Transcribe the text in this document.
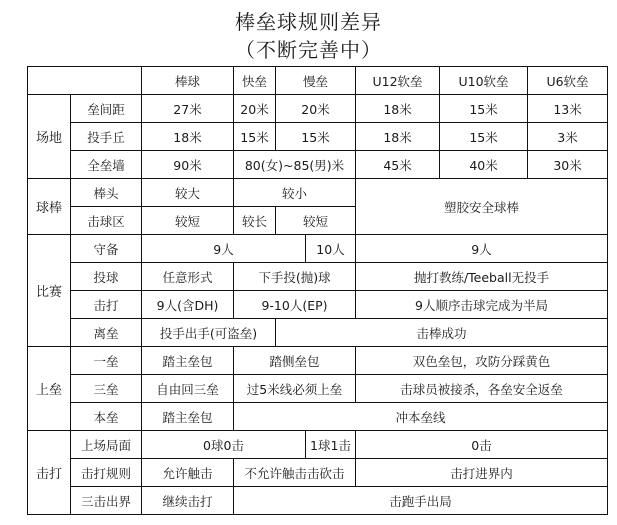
棒垒球规则差异
（不断完善中）
		棒球	快垒	慢垒		U12软垒	U10软垒	U6软垒
场地	垒间距	27米	20米	20米		18米	15米	13米
	投手丘	18米	15米	15米		18米	15米	3米
	全垒墙	90米	80(女)~85(男)米			45米	40米	30米
球棒	棒头	较大	较小			塑胶安全球棒		
	击球区	较短	较长	较短				
比赛	守备	9人			10人	9人		
	投球	任意形式	下手投(抛)球			抛打教练/Teeball无投手		
	击打	9人(含DH)	9-10人(EP)			9人顺序击球完成为半局		
	离垒	投手出手(可盗垒)		击棒成功				
上垒	一垒	踏主垒包	踏侧垒包			双色垒包，攻防分踩黄色		
	三垒	自由回三垒	过5米线必须上垒			击球员被接杀，各垒安全返垒		
	本垒	踏主垒包	冲本垒线					
击打	上场局面	0球0击			1球1击	0击		
	击打规则	允许触击	不允许触击击砍击			击打进界内		
	三击出界	继续击打	击跑手出局					
